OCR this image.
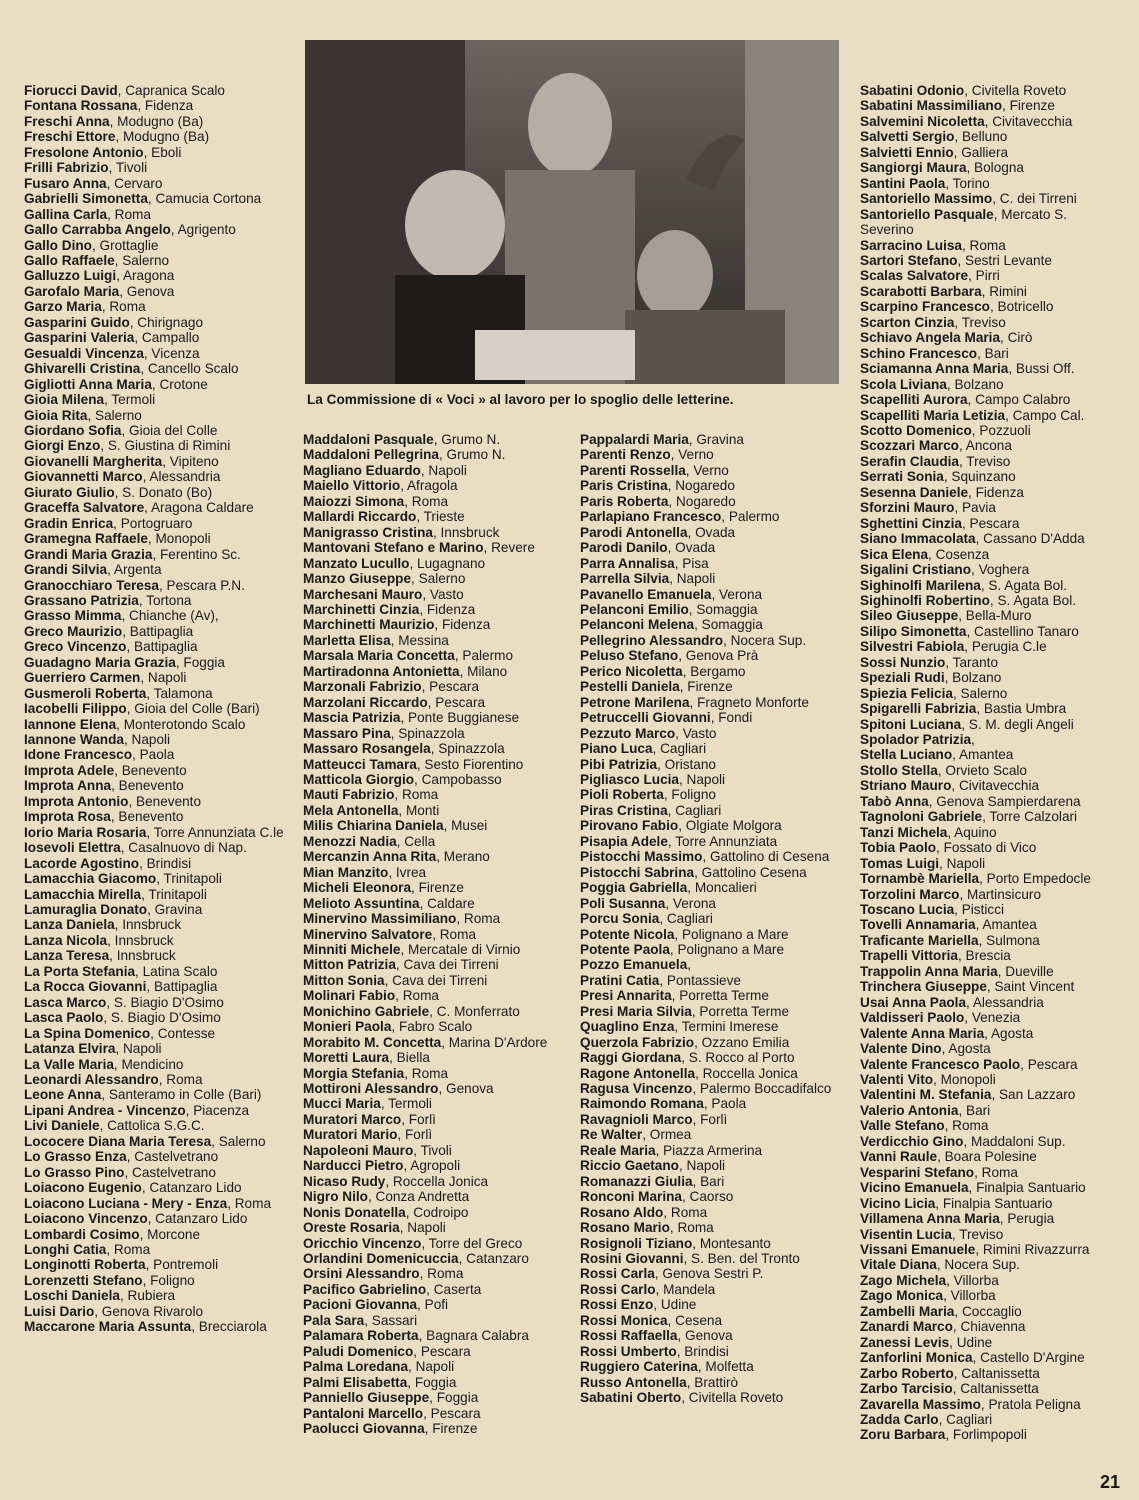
Fiorucci David, Capranica Scalo
Fontana Rossana, Fidenza
Freschi Anna, Modugno (Ba)
Freschi Ettore, Modugno (Ba)
Fresolone Antonio, Eboli
Frilli Fabrizio, Tivoli
Fusaro Anna, Cervaro
Gabrielli Simonetta, Camucia Cortona
Gallina Carla, Roma
Gallo Carrabba Angelo, Agrigento
Gallo Dino, Grottaglie
Gallo Raffaele, Salerno
Galluzzo Luigi, Aragona
Garofalo Maria, Genova
Garzo Maria, Roma
Gasparini Guido, Chirignago
Gasparini Valeria, Campallo
Gesualdi Vincenza, Vicenza
Ghivarelli Cristina, Cancello Scalo
Gigliotti Anna Maria, Crotone
Gioia Milena, Termoli
Gioia Rita, Salerno
Giordano Sofia, Gioia del Colle
Giorgi Enzo, S. Giustina di Rimini
Giovanelli Margherita, Vipiteno
Giovannetti Marco, Alessandria
Giurato Giulio, S. Donato (Bo)
Graceffa Salvatore, Aragona Caldare
Gradin Enrica, Portogruaro
Gramegna Raffaele, Monopoli
Grandi Maria Grazia, Ferentino Sc.
Grandi Silvia, Argenta
Granocchiaro Teresa, Pescara P.N.
Grassano Patrizia, Tortona
Grasso Mimma, Chianche (Av),
Greco Maurizio, Battipaglia
Greco Vincenzo, Battipaglia
Guadagno Maria Grazia, Foggia
Guerriero Carmen, Napoli
Gusmeroli Roberta, Talamona
Iacobelli Filippo, Gioia del Colle (Bari)
Iannone Elena, Monterotondo Scalo
Iannone Wanda, Napoli
Idone Francesco, Paola
Improta Adele, Benevento
Improta Anna, Benevento
Improta Antonio, Benevento
Improta Rosa, Benevento
Iorio Maria Rosaria, Torre Annunziata C.le
Iosevoli Elettra, Casalnuovo di Nap.
Lacorde Agostino, Brindisi
Lamacchia Giacomo, Trinitapoli
Lamacchia Mirella, Trinitapoli
Lamuraglia Donato, Gravina
Lanza Daniela, Innsbruck
Lanza Nicola, Innsbruck
Lanza Teresa, Innsbruck
La Porta Stefania, Latina Scalo
La Rocca Giovanni, Battipaglia
Lasca Marco, S. Biagio D'Osimo
Lasca Paolo, S. Biagio D'Osimo
La Spina Domenico, Contesse
Latanza Elvira, Napoli
La Valle Maria, Mendicino
Leonardi Alessandro, Roma
Leone Anna, Santeramo in Colle (Bari)
Lipani Andrea - Vincenzo, Piacenza
Livi Daniele, Cattolica S.G.C.
Lococere Diana Maria Teresa, Salerno
Lo Grasso Enza, Castelvetrano
Lo Grasso Pino, Castelvetrano
Loiacono Eugenio, Catanzaro Lido
Loiacono Luciana - Mery - Enza, Roma
Loiacono Vincenzo, Catanzaro Lido
Lombardi Cosimo, Morcone
Longhi Catia, Roma
Longinotti Roberta, Pontremoli
Lorenzetti Stefano, Foligno
Loschi Daniela, Rubiera
Luisi Dario, Genova Rivarolo
Maccarone Maria Assunta, Brecciarola
La Commissione di « Voci » al lavoro per lo spoglio delle letterine.
Maddaloni Pasquale, Grumo N.
Maddaloni Pellegrina, Grumo N.
Magliano Eduardo, Napoli
Maiello Vittorio, Afragola
Maiozzi Simona, Roma
Mallardi Riccardo, Trieste
Manigrasso Cristina, Innsbruck
Mantovani Stefano e Marino, Revere
Manzato Lucullo, Lugagnano
Manzo Giuseppe, Salerno
Marchesani Mauro, Vasto
Marchinetti Cinzia, Fidenza
Marchinetti Maurizio, Fidenza
Marletta Elisa, Messina
Marsala Maria Concetta, Palermo
Martiradonna Antonietta, Milano
Marzonali Fabrizio, Pescara
Marzolani Riccardo, Pescara
Mascia Patrizia, Ponte Buggianese
Massaro Pina, Spinazzola
Massaro Rosangela, Spinazzola
Matteucci Tamara, Sesto Fiorentino
Matticola Giorgio, Campobasso
Mauti Fabrizio, Roma
Mela Antonella, Monti
Milis Chiarina Daniela, Musei
Menozzi Nadia, Cella
Mercanzin Anna Rita, Merano
Mian Manzito, Ivrea
Micheli Eleonora, Firenze
Melioto Assuntina, Caldare
Minervino Massimiliano, Roma
Minervino Salvatore, Roma
Minniti Michele, Mercatale di Virnio
Mitton Patrizia, Cava dei Tirreni
Mitton Sonia, Cava dei Tirreni
Molinari Fabio, Roma
Monichino Gabriele, C. Monferrato
Monieri Paola, Fabro Scalo
Morabito M. Concetta, Marina D'Ardore
Moretti Laura, Biella
Morgia Stefania, Roma
Mottironi Alessandro, Genova
Mucci Maria, Termoli
Muratori Marco, Forlì
Muratori Mario, Forlì
Napoleoni Mauro, Tivoli
Narducci Pietro, Agropoli
Nicaso Rudy, Roccella Jonica
Nigro Nilo, Conza Andretta
Nonis Donatella, Codroipo
Oreste Rosaria, Napoli
Oricchio Vincenzo, Torre del Greco
Orlandini Domenicuccia, Catanzaro
Orsini Alessandro, Roma
Pacifico Gabrielino, Caserta
Pacioni Giovanna, Pofi
Pala Sara, Sassari
Palamara Roberta, Bagnara Calabra
Paludi Domenico, Pescara
Palma Loredana, Napoli
Palmi Elisabetta, Foggia
Panniello Giuseppe, Foggia
Pantaloni Marcello, Pescara
Paolucci Giovanna, Firenze
Pappalardi Maria, Gravina
Parenti Renzo, Verno
Parenti Rossella, Verno
Paris Cristina, Nogaredo
Paris Roberta, Nogaredo
Parlapiano Francesco, Palermo
Parodi Antonella, Ovada
Parodi Danilo, Ovada
Parra Annalisa, Pisa
Parrella Silvia, Napoli
Pavanello Emanuela, Verona
Pelanconi Emilio, Somaggia
Pelanconi Melena, Somaggia
Pellegrino Alessandro, Nocera Sup.
Peluso Stefano, Genova Prà
Perico Nicoletta, Bergamo
Pestelli Daniela, Firenze
Petrone Marilena, Fragneto Monforte
Petruccelli Giovanni, Fondi
Pezzuto Marco, Vasto
Piano Luca, Cagliari
Pibi Patrizia, Oristano
Pigliasco Lucia, Napoli
Pioli Roberta, Foligno
Piras Cristina, Cagliari
Pirovano Fabio, Olgiate Molgora
Pisapia Adele, Torre Annunziata
Pistocchi Massimo, Gattolino di Cesena
Pistocchi Sabrina, Gattolino Cesena
Poggia Gabriella, Moncalieri
Poli Susanna, Verona
Porcu Sonia, Cagliari
Potente Nicola, Polignano a Mare
Potente Paola, Polignano a Mare
Pozzo Emanuela,
Pratini Catia, Pontassieve
Presi Annarita, Porretta Terme
Presi Maria Silvia, Porretta Terme
Quaglino Enza, Termini Imerese
Querzola Fabrizio, Ozzano Emilia
Raggi Giordana, S. Rocco al Porto
Ragone Antonella, Roccella Jonica
Ragusa Vincenzo, Palermo Boccadifalco
Raimondo Romana, Paola
Ravagnioli Marco, Forlì
Re Walter, Ormea
Reale Maria, Piazza Armerina
Riccio Gaetano, Napoli
Romanazzi Giulia, Bari
Ronconi Marina, Caorso
Rosano Aldo, Roma
Rosano Mario, Roma
Rosignoli Tiziano, Montesanto
Rosini Giovanni, S. Ben. del Tronto
Rossi Carla, Genova Sestri P.
Rossi Carlo, Mandela
Rossi Enzo, Udine
Rossi Monica, Cesena
Rossi Raffaella, Genova
Rossi Umberto, Brindisi
Ruggiero Caterina, Molfetta
Russo Antonella, Brattirò
Sabatini Oberto, Civitella Roveto
Sabatini Odonio, Civitella Roveto
Sabatini Massimiliano, Firenze
Salvemini Nicoletta, Civitavecchia
Salvetti Sergio, Belluno
Salvietti Ennio, Galliera
Sangiorgi Maura, Bologna
Santini Paola, Torino
Santoriello Massimo, C. dei Tirreni
Santoriello Pasquale, Mercato S. Severino
Sarracino Luisa, Roma
Sartori Stefano, Sestri Levante
Scalas Salvatore, Pirri
Scarabotti Barbara, Rimini
Scarpino Francesco, Botricello
Scarton Cinzia, Treviso
Schiavo Angela Maria, Cirò
Schino Francesco, Bari
Sciamanna Anna Maria, Bussi Off.
Scola Liviana, Bolzano
Scapelliti Aurora, Campo Calabro
Scapelliti Maria Letizia, Campo Cal.
Scotto Domenico, Pozzuoli
Scozzari Marco, Ancona
Serafin Claudia, Treviso
Serrati Sonia, Squinzano
Sesenna Daniele, Fidenza
Sforzini Mauro, Pavia
Sghettini Cinzia, Pescara
Siano Immacolata, Cassano D'Adda
Sica Elena, Cosenza
Sigalini Cristiano, Voghera
Sighinolfi Marilena, S. Agata Bol.
Sighinolfi Robertino, S. Agata Bol.
Sileo Giuseppe, Bella-Muro
Silipo Simonetta, Castellino Tanaro
Silvestri Fabiola, Perugia C.le
Sossi Nunzio, Taranto
Speziali Rudi, Bolzano
Spiezia Felicia, Salerno
Spigarelli Fabrizia, Bastia Umbra
Spitoni Luciana, S. M. degli Angeli
Spolador Patrizia,
Stella Luciano, Amantea
Stollo Stella, Orvieto Scalo
Striano Mauro, Civitavecchia
Tabò Anna, Genova Sampierdarena
Tagnoloni Gabriele, Torre Calzolari
Tanzi Michela, Aquino
Tobia Paolo, Fossato di Vico
Tomas Luigi, Napoli
Tornambè Mariella, Porto Empedocle
Torzolini Marco, Martinsicuro
Toscano Lucia, Pisticci
Tovelli Annamaria, Amantea
Traficante Mariella, Sulmona
Trapelli Vittoria, Brescia
Trappolin Anna Maria, Dueville
Trinchera Giuseppe, Saint Vincent
Usai Anna Paola, Alessandria
Valdisseri Paolo, Venezia
Valente Anna Maria, Agosta
Valente Dino, Agosta
Valente Francesco Paolo, Pescara
Valenti Vito, Monopoli
Valentini M. Stefania, San Lazzaro
Valerio Antonia, Bari
Valle Stefano, Roma
Verdicchio Gino, Maddaloni Sup.
Vanni Raule, Boara Polesine
Vesparini Stefano, Roma
Vicino Emanuela, Finalpia Santuario
Vicino Licia, Finalpia Santuario
Villamena Anna Maria, Perugia
Visentin Lucia, Treviso
Vissani Emanuele, Rimini Rivazzurra
Vitale Diana, Nocera Sup.
Zago Michela, Villorba
Zago Monica, Villorba
Zambelli Maria, Coccaglio
Zanardi Marco, Chiavenna
Zanessi Levis, Udine
Zanforlini Monica, Castello D'Argine
Zarbo Roberto, Caltanissetta
Zarbo Tarcisio, Caltanissetta
Zavarella Massimo, Pratola Peligna
Zadda Carlo, Cagliari
Zoru Barbara, Forlimpopoli
21
